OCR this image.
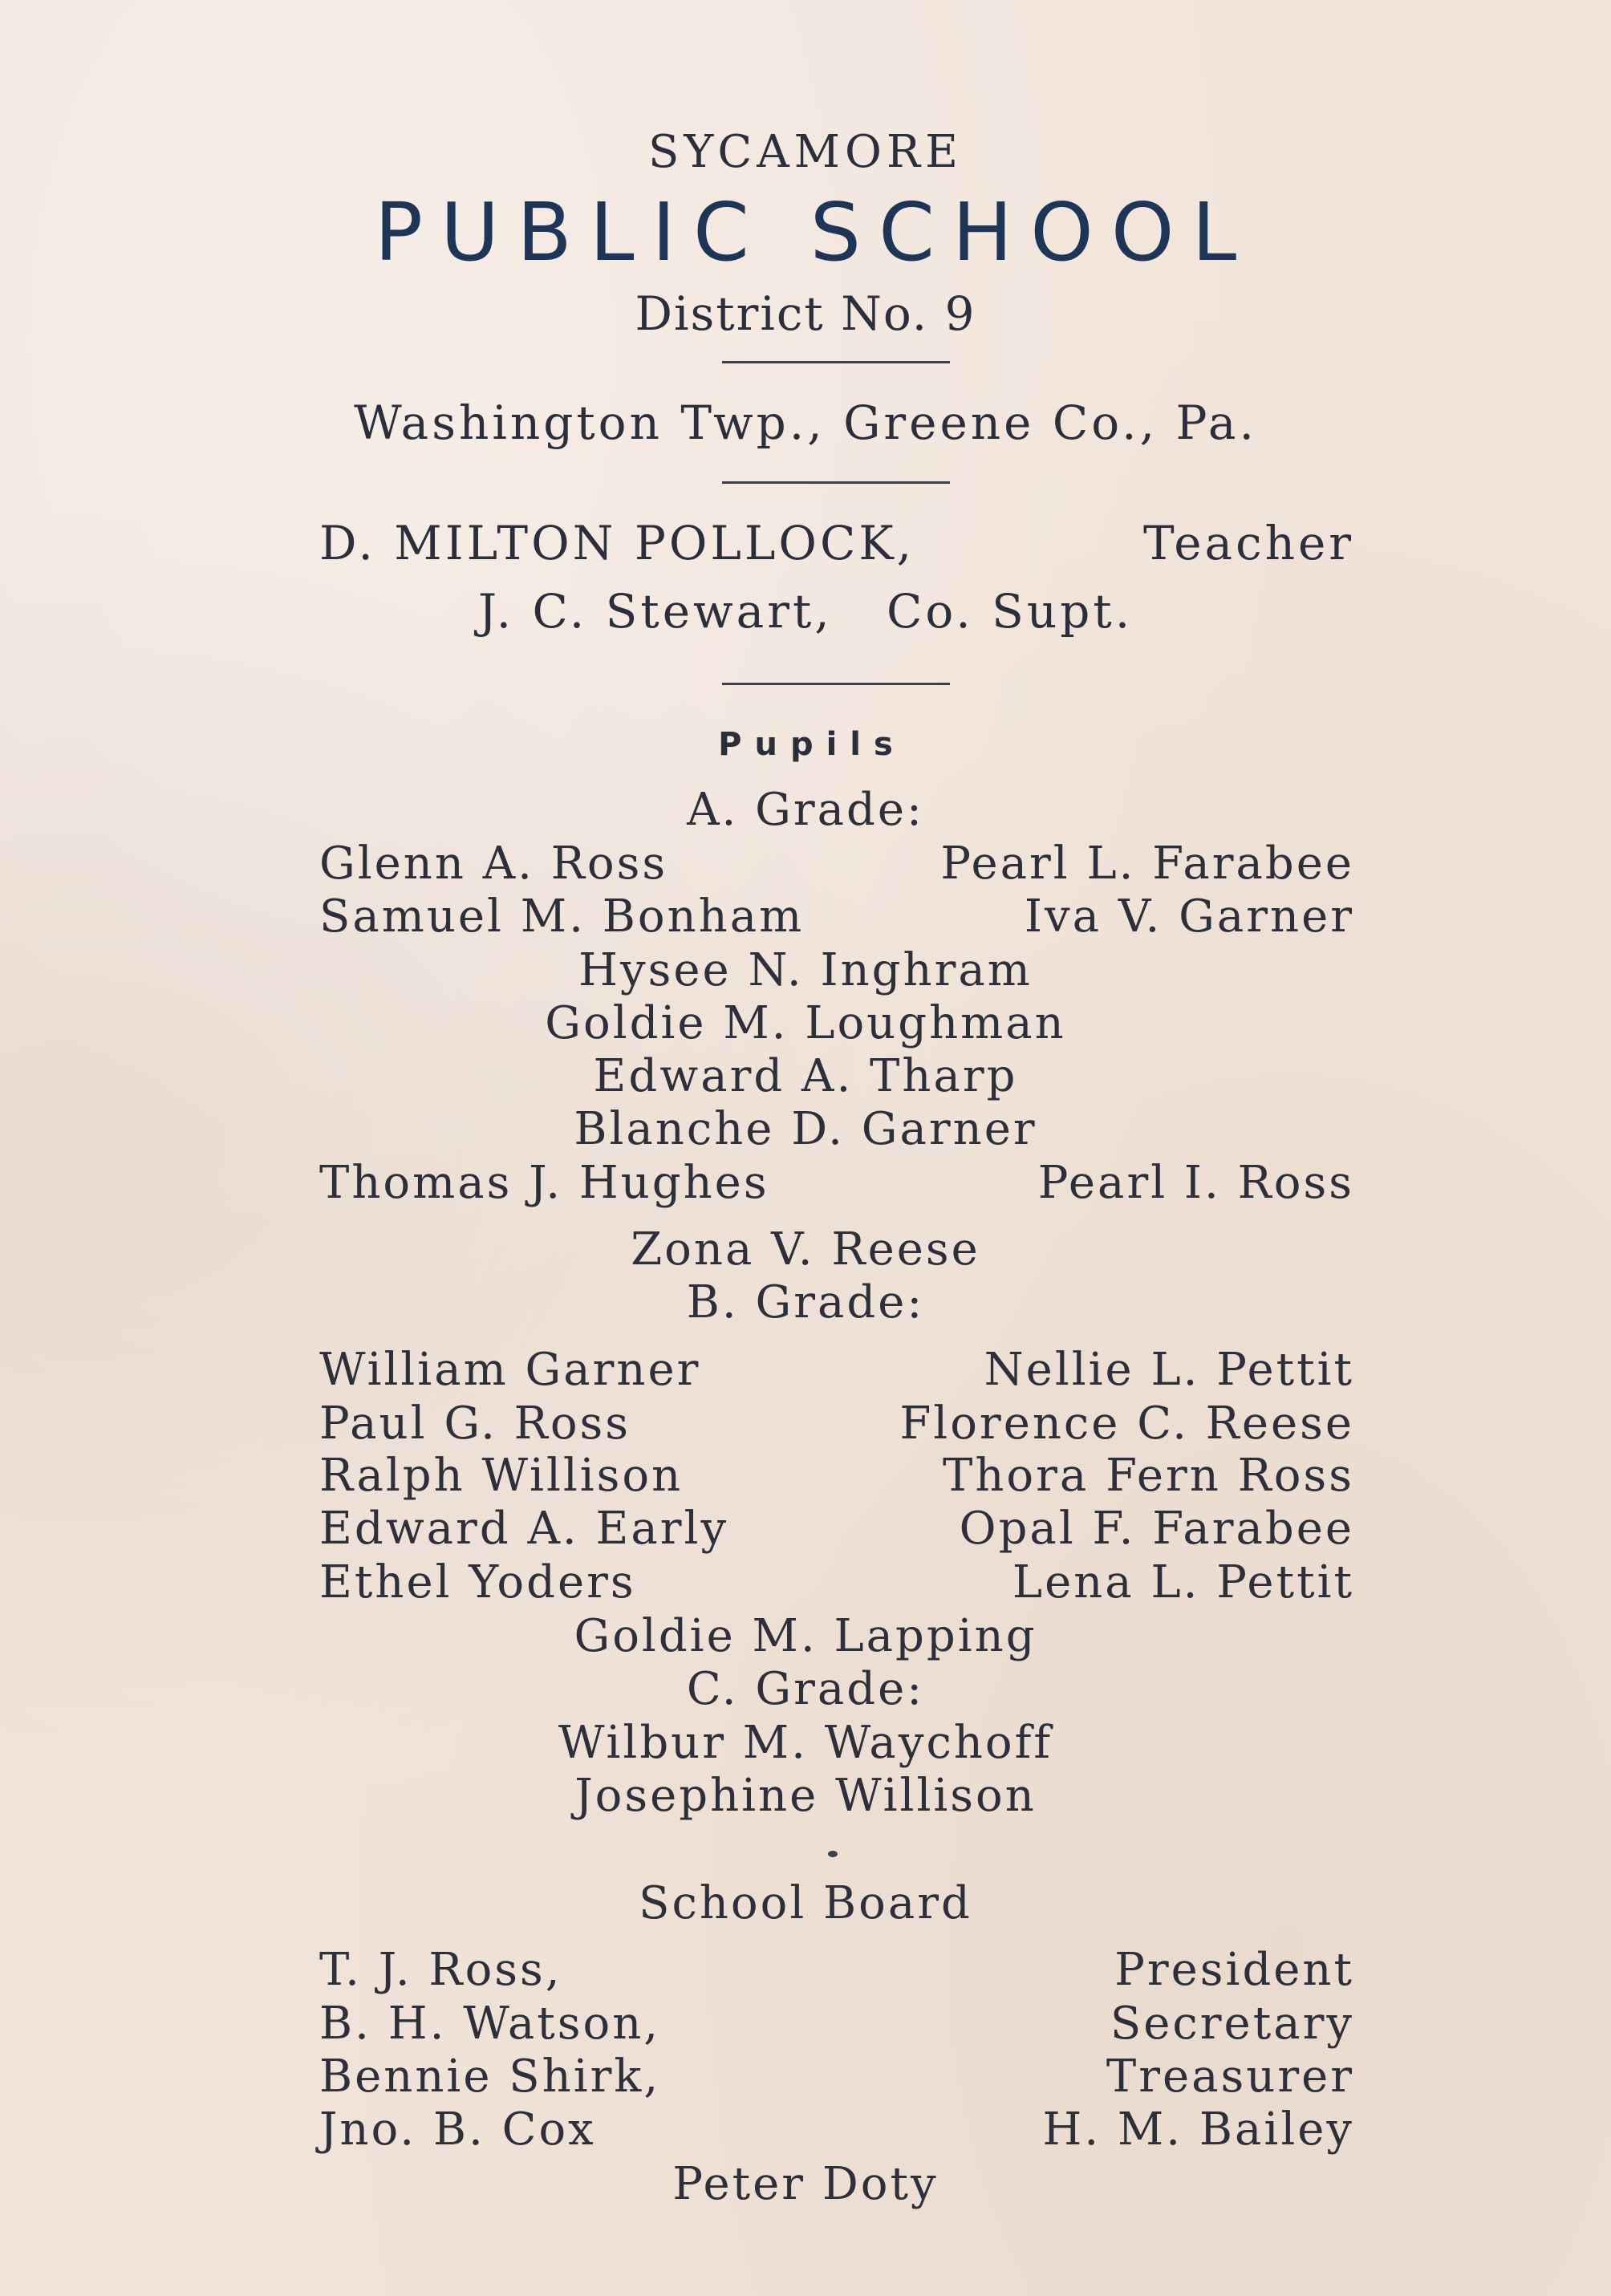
SYCAMORE
PUBLIC SCHOOL
District No. 9
Washington Twp., Greene Co., Pa.
D. MILTON POLLOCK,	Teacher
J. C. Stewart,   Co. Supt.
Pupils
A. Grade:
Glenn A. Ross	Pearl L. Farabee
Samuel M. Bonham	Iva V. Garner
Hysee N. Inghram
Goldie M. Loughman
Edward A. Tharp
Blanche D. Garner
Thomas J. Hughes	Pearl I. Ross
Zona V. Reese
B. Grade:
William Garner	Nellie L. Pettit
Paul G. Ross	Florence C. Reese
Ralph Willison	Thora Fern Ross
Edward A. Early	Opal F. Farabee
Ethel Yoders	Lena L. Pettit
Goldie M. Lapping
C. Grade:
Wilbur M. Waychoff
Josephine Willison
School Board
T. J. Ross,	President
B. H. Watson,	Secretary
Bennie Shirk,	Treasurer
Jno. B. Cox	H. M. Bailey
Peter Doty
